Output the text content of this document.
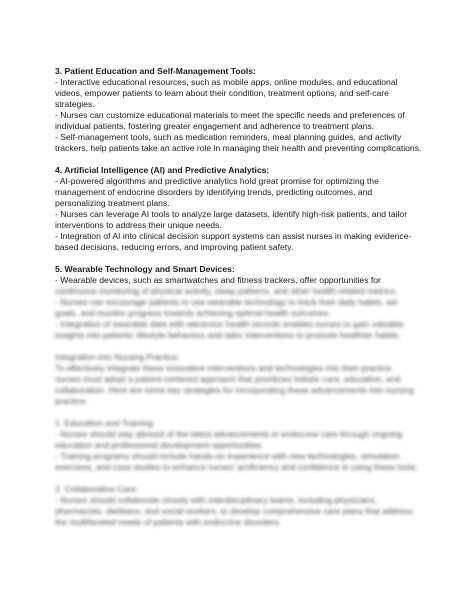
3. Patient Education and Self-Management Tools:

- Interactive educational resources, such as mobile apps, online modules, and educational videos, empower patients to learn about their condition, treatment options, and self-care strategies.

- Nurses can customize educational materials to meet the specific needs and preferences of individual patients, fostering greater engagement and adherence to treatment plans.

- Self-management tools, such as medication reminders, meal planning guides, and activity trackers, help patients take an active role in managing their health and preventing complications.

4. Artificial Intelligence (AI) and Predictive Analytics:

- AI-powered algorithms and predictive analytics hold great promise for optimizing the management of endocrine disorders by identifying trends, predicting outcomes, and personalizing treatment plans.

- Nurses can leverage AI tools to analyze large datasets, identify high-risk patients, and tailor interventions to address their unique needs.

- Integration of AI into clinical decision support systems can assist nurses in making evidence-based decisions, reducing errors, and improving patient safety.

5. Wearable Technology and Smart Devices:

- Wearable devices, such as smartwatches and fitness trackers, offer opportunities for

continuous monitoring of physical activity, sleep patterns, and other health-related metrics.
- Nurses can encourage patients to use wearable technology to track their daily habits, set
goals, and monitor progress towards achieving optimal health outcomes.
- Integration of wearable data with electronic health records enables nurses to gain valuable
insights into patients' lifestyle behaviors and tailor interventions to promote healthier habits.
Integration into Nursing Practice:
To effectively integrate these innovative interventions and technologies into their practice,
nurses must adopt a patient-centered approach that prioritizes holistic care, education, and
collaboration. Here are some key strategies for incorporating these advancements into nursing
practice:
1. Education and Training:
- Nurses should stay abreast of the latest advancements in endocrine care through ongoing
education and professional development opportunities.
- Training programs should include hands-on experience with new technologies, simulation
exercises, and case studies to enhance nurses' proficiency and confidence in using these tools.
2. Collaborative Care:
- Nurses should collaborate closely with interdisciplinary teams, including physicians,
pharmacists, dietitians, and social workers, to develop comprehensive care plans that address
the multifaceted needs of patients with endocrine disorders.
